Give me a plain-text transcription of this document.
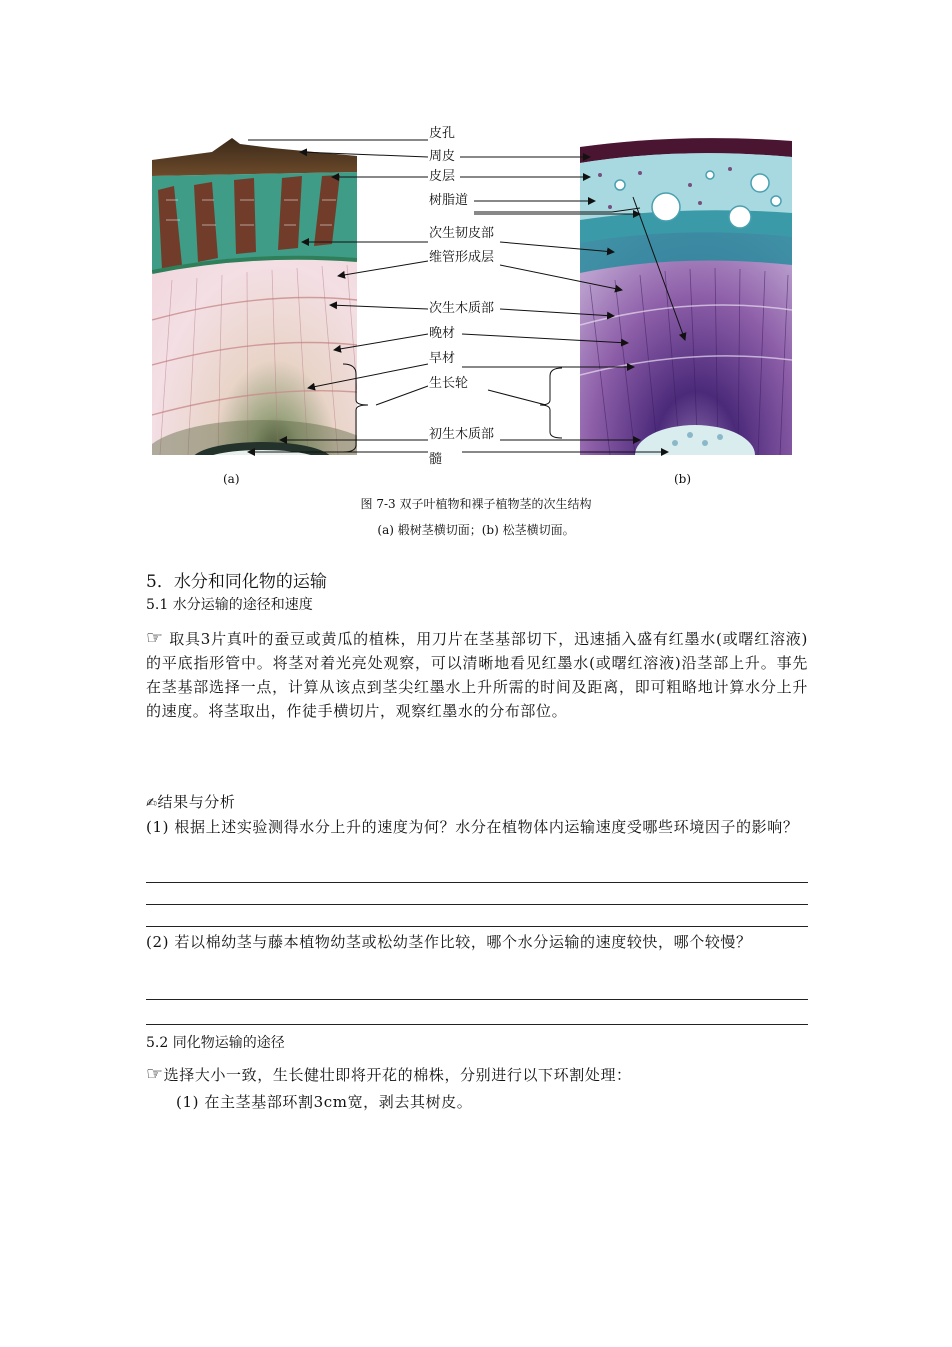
皮孔
周皮
皮层
树脂道
次生韧皮部
维管形成层
次生木质部
晚材
早材
生长轮
初生木质部
髓
(a)	(b)
图 7-3 双子叶植物和裸子植物茎的次生结构
(a) 椴树茎横切面；(b) 松茎横切面。
5．水分和同化物的运输
5.1 水分运输的途径和速度
☞ 取具3片真叶的蚕豆或黄瓜的植株，用刀片在茎基部切下，迅速插入盛有红墨水(或曙红溶液)的平底指形管中。将茎对着光亮处观察，可以清晰地看见红墨水(或曙红溶液)沿茎部上升。事先在茎基部选择一点，计算从该点到茎尖红墨水上升所需的时间及距离，即可粗略地计算水分上升的速度。将茎取出，作徒手横切片，观察红墨水的分布部位。
✍结果与分析
(1) 根据上述实验测得水分上升的速度为何？水分在植物体内运输速度受哪些环境因子的影响？
(2) 若以棉幼茎与藤本植物幼茎或松幼茎作比较，哪个水分运输的速度较快，哪个较慢？
5.2 同化物运输的途径
☞选择大小一致，生长健壮即将开花的棉株，分别进行以下环割处理：
(1) 在主茎基部环割3cm宽，剥去其树皮。
